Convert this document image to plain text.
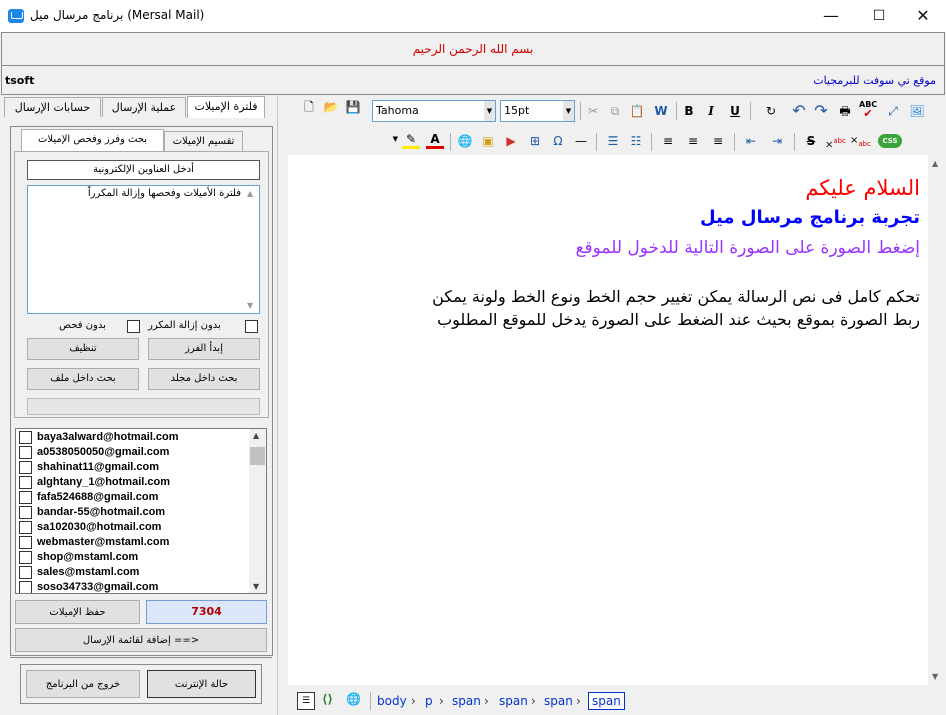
برنامج مرسال ميل (Mersal Mail)	—	☐	✕
بسم الله الرحمن الرحيم
tsoft	موقع تي سوفت للبرمجيات
فلترة الإميلات
عملية الإرسال
حسابات الإرسال
تقسيم الإميلات
بحث وفرز وفحص الإميلات
أدخل العناوين الإلكترونية
فلترة الأميلات وفحصها وإزالة المكرراً ▲
▼
بدون فحص	بدون إزالة المكرر
تنظيف	إبدأ الفرز
بحث داخل ملف	بحث داخل مجلد
baya3alward@hotmail.com
a0538050050@gmail.com
shahinat11@gmail.com
alghtany_1@hotmail.com
fafa524688@gmail.com
bandar-55@hotmail.com
sa102030@hotmail.com
webmaster@mstaml.com
shop@mstaml.com
sales@mstaml.com
soso34733@gmail.com
▲
▼
حفظ الإميلات	7304
إضافة لقائمة الإرسال ==>
خروج من البرنامج	حالة الإنترنت
🗋 📂 💾 Tahoma	▼ 15pt	▼	✂	⧉ 📋 W	B	I	U	↻ ↶ ↷ 🖶	ABC
✔	⤢ 🖼
▼ ✎	A	🌐 ▣	▶	⊞	Ω	—	☰	☷	≡	≡	≡	⇤	⇥	$S \times^{abc} \times_{abc}$	CSS
السلام عليكم
تجربة برنامج مرسال ميل
إضغط الصورة على الصورة التالية للدخول للموقع
تحكم كامل فى نص الرسالة يمكن تغيير حجم الخط ونوع الخط ولونة يمكن
ربط الصورة بموقع بحيث عند الضغط على الصورة يدخل للموقع المطلوب
▲
▼
☰ ⟨⟩ 🌐 body › p › span › span › span › span
